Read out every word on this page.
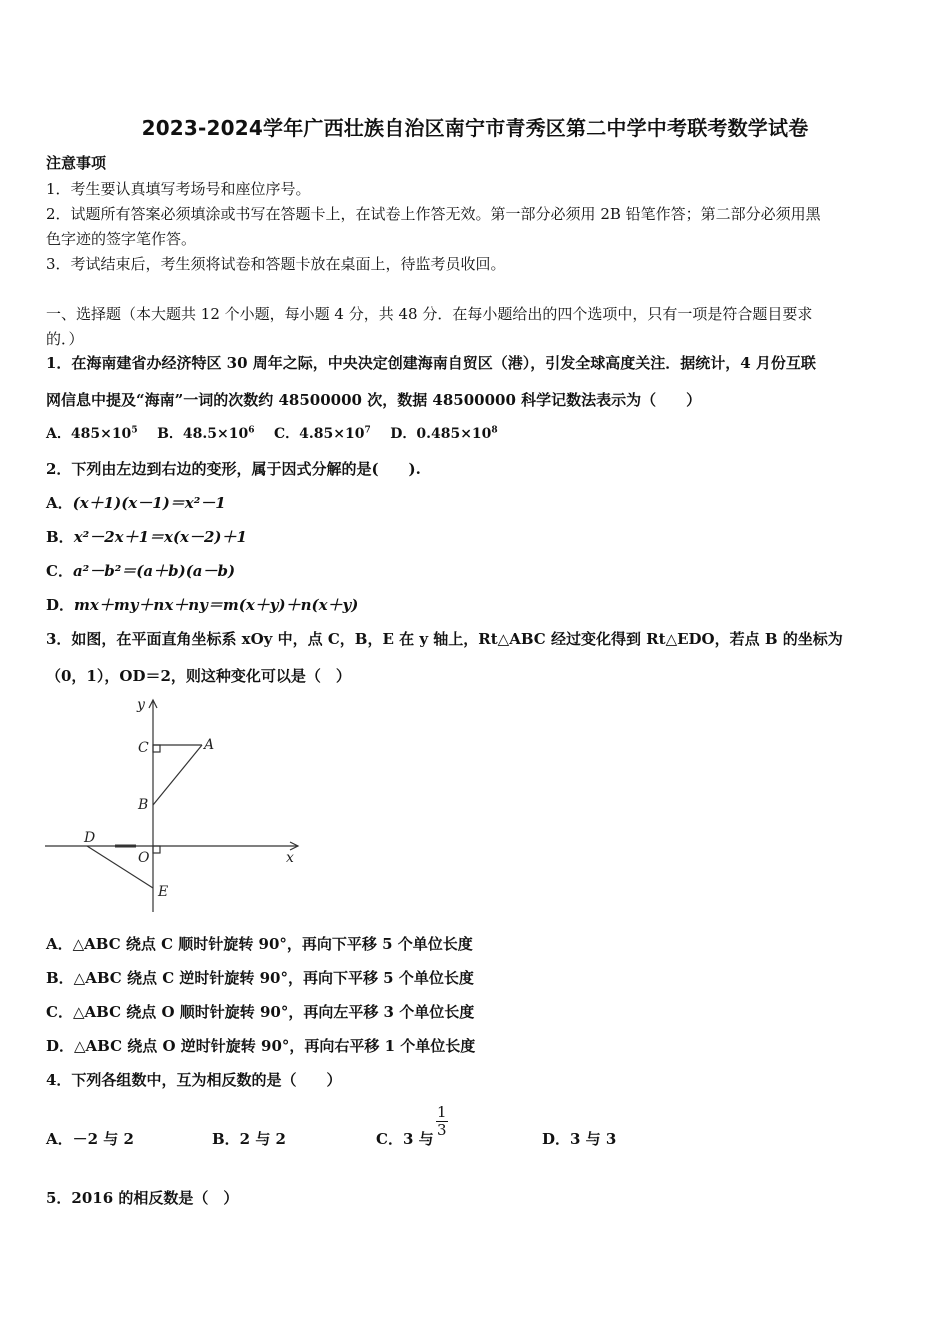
2023-2024学年广西壮族自治区南宁市青秀区第二中学中考联考数学试卷
注意事项
1．考生要认真填写考场号和座位序号。
2．试题所有答案必须填涂或书写在答题卡上，在试卷上作答无效。第一部分必须用 2B 铅笔作答；第二部分必须用黑
色字迹的签字笔作答。
3．考试结束后，考生须将试卷和答题卡放在桌面上，待监考员收回。
一、选择题（本大题共 12 个小题，每小题 4 分，共 48 分．在每小题给出的四个选项中，只有一项是符合题目要求
的．）
1．在海南建省办经济特区 30 周年之际，中央决定创建海南自贸区（港），引发全球高度关注．据统计，4 月份互联
网信息中提及“海南”一词的次数约 48500000 次，数据 48500000 科学记数法表示为（　　）
A．$485\times 10^5$ B．$48.5\times 10^6$ C．$4.85\times 10^7$ D．$0.485\times 10^8$
2．下列由左边到右边的变形，属于因式分解的是(　　).
A．(x＋1)(x－1)＝x²－1
B．x²－2x＋1＝x(x－2)＋1
C．a²－b²＝(a＋b)(a－b)
D．mx＋my＋nx＋ny＝m(x＋y)＋n(x＋y)
3．如图，在平面直角坐标系 xOy 中，点 C，B，E 在 y 轴上，Rt△ABC 经过变化得到 Rt△EDO，若点 B 的坐标为
（0，1），OD＝2，则这种变化可以是（　）
y
x
A
C
B
D
O
E
A．△ABC 绕点 C 顺时针旋转 90°，再向下平移 5 个单位长度
B．△ABC 绕点 C 逆时针旋转 90°，再向下平移 5 个单位长度
C．△ABC 绕点 O 顺时针旋转 90°，再向左平移 3 个单位长度
D．△ABC 绕点 O 逆时针旋转 90°，再向右平移 1 个单位长度
4．下列各组数中，互为相反数的是（　　）
A．－2 与 2	B．2 与 2	C．3 与 $\frac{1}{3}$	D．3 与 3
5．2016 的相反数是（　）
